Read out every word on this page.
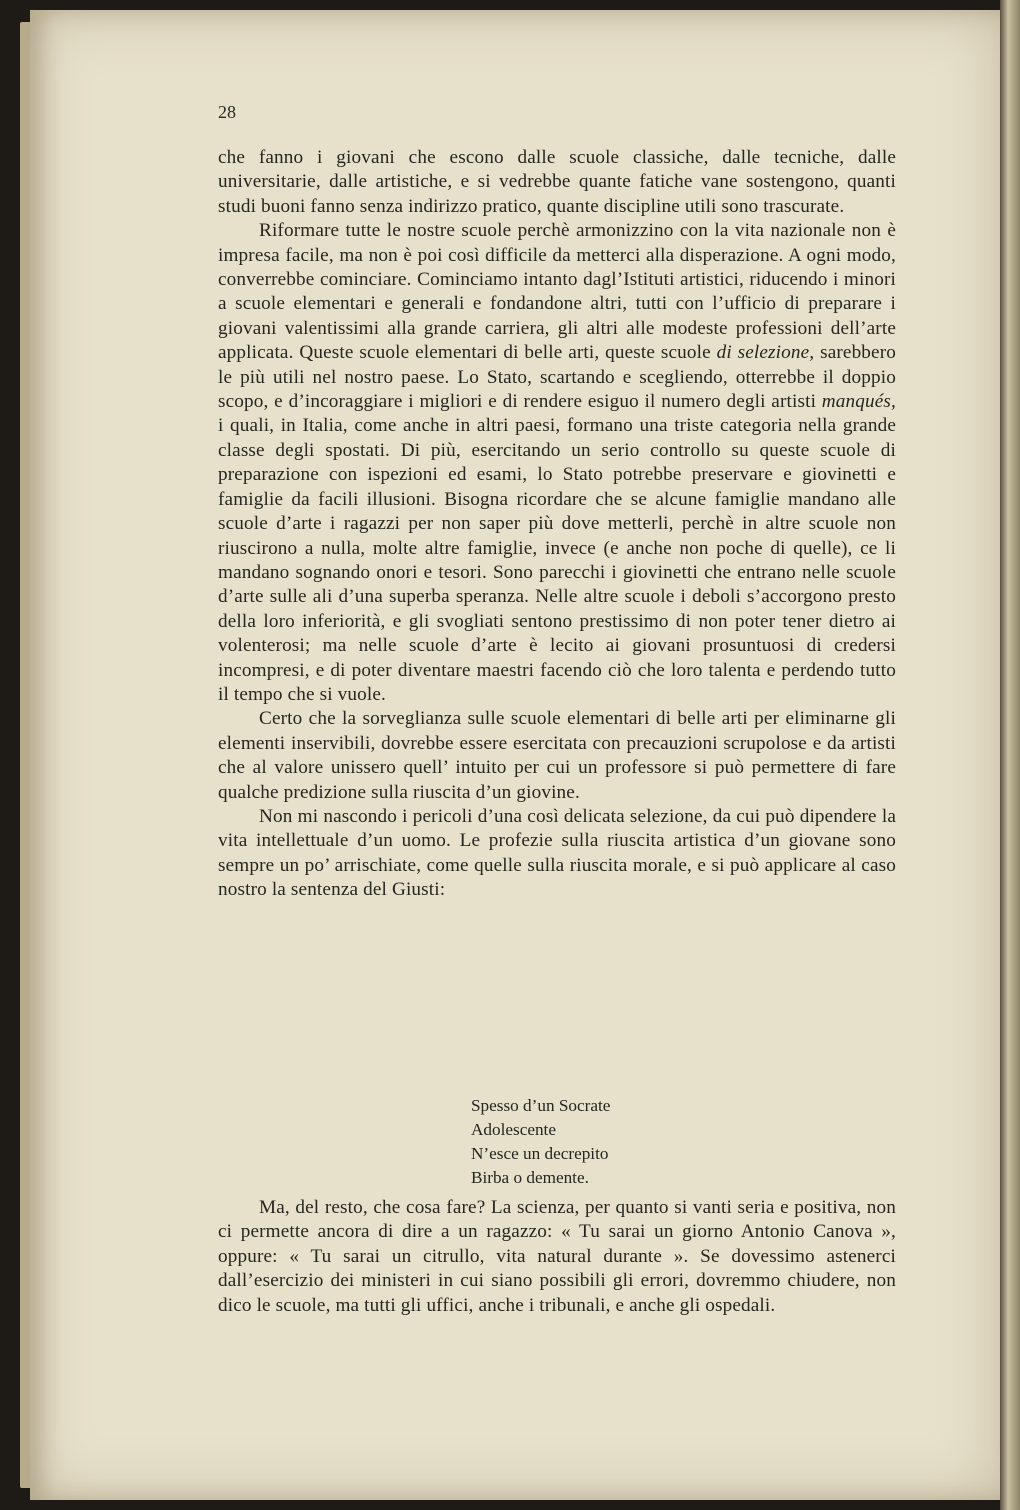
28

che fanno i giovani che escono dalle scuole classiche, dalle tecniche, dalle universitarie, dalle artistiche, e si vedrebbe quante fatiche vane sostengono, quanti studi buoni fanno senza indirizzo pratico, quante discipline utili sono trascurate.

Riformare tutte le nostre scuole perchè armonizzino con la vita nazionale non è impresa facile, ma non è poi così difficile da metterci alla disperazione. A ogni modo, converrebbe cominciare. Cominciamo intanto dagl’Istituti artistici, riducendo i minori a scuole elementari e generali e fondandone altri, tutti con l’ufficio di preparare i giovani valentissimi alla grande carriera, gli altri alle modeste professioni dell’arte applicata. Queste scuole elementari di belle arti, queste scuole di selezione, sarebbero le più utili nel nostro paese. Lo Stato, scartando e scegliendo, otterrebbe il doppio scopo, e d’incoraggiare i migliori e di rendere esiguo il numero degli artisti manqués, i quali, in Italia, come anche in altri paesi, formano una triste categoria nella grande classe degli spostati. Di più, esercitando un serio controllo su queste scuole di preparazione con ispezioni ed esami, lo Stato potrebbe preservare e giovinetti e famiglie da facili illusioni. Bisogna ricordare che se alcune famiglie mandano alle scuole d’arte i ragazzi per non saper più dove metterli, perchè in altre scuole non riuscirono a nulla, molte altre famiglie, invece (e anche non poche di quelle), ce li mandano sognando onori e tesori. Sono parecchi i giovinetti che entrano nelle scuole d’arte sulle ali d’una superba speranza. Nelle altre scuole i deboli s’accorgono presto della loro inferiorità, e gli svogliati sentono prestissimo di non poter tener dietro ai volenterosi; ma nelle scuole d’arte è lecito ai giovani prosuntuosi di credersi incompresi, e di poter diventare maestri facendo ciò che loro talenta e perdendo tutto il tempo che si vuole.

Certo che la sorveglianza sulle scuole elementari di belle arti per eliminarne gli elementi inservibili, dovrebbe essere esercitata con precauzioni scrupolose e da artisti che al valore unissero quell’ intuito per cui un professore si può permettere di fare qualche predizione sulla riuscita d’un giovine.

Non mi nascondo i pericoli d’una così delicata selezione, da cui può dipendere la vita intellettuale d’un uomo. Le profezie sulla riuscita artistica d’un giovane sono sempre un po’ arrischiate, come quelle sulla riuscita morale, e si può applicare al caso nostro la sentenza del Giusti:

Spesso d’un Socrate
Adolescente
N’esce un decrepito
Birba o demente.

Ma, del resto, che cosa fare? La scienza, per quanto si vanti seria e positiva, non ci permette ancora di dire a un ragazzo: « Tu sarai un giorno Antonio Canova », oppure: « Tu sarai un citrullo, vita natural durante ». Se dovessimo astenerci dall’esercizio dei ministeri in cui siano possibili gli errori, dovremmo chiudere, non dico le scuole, ma tutti gli uffici, anche i tribunali, e anche gli ospedali.
